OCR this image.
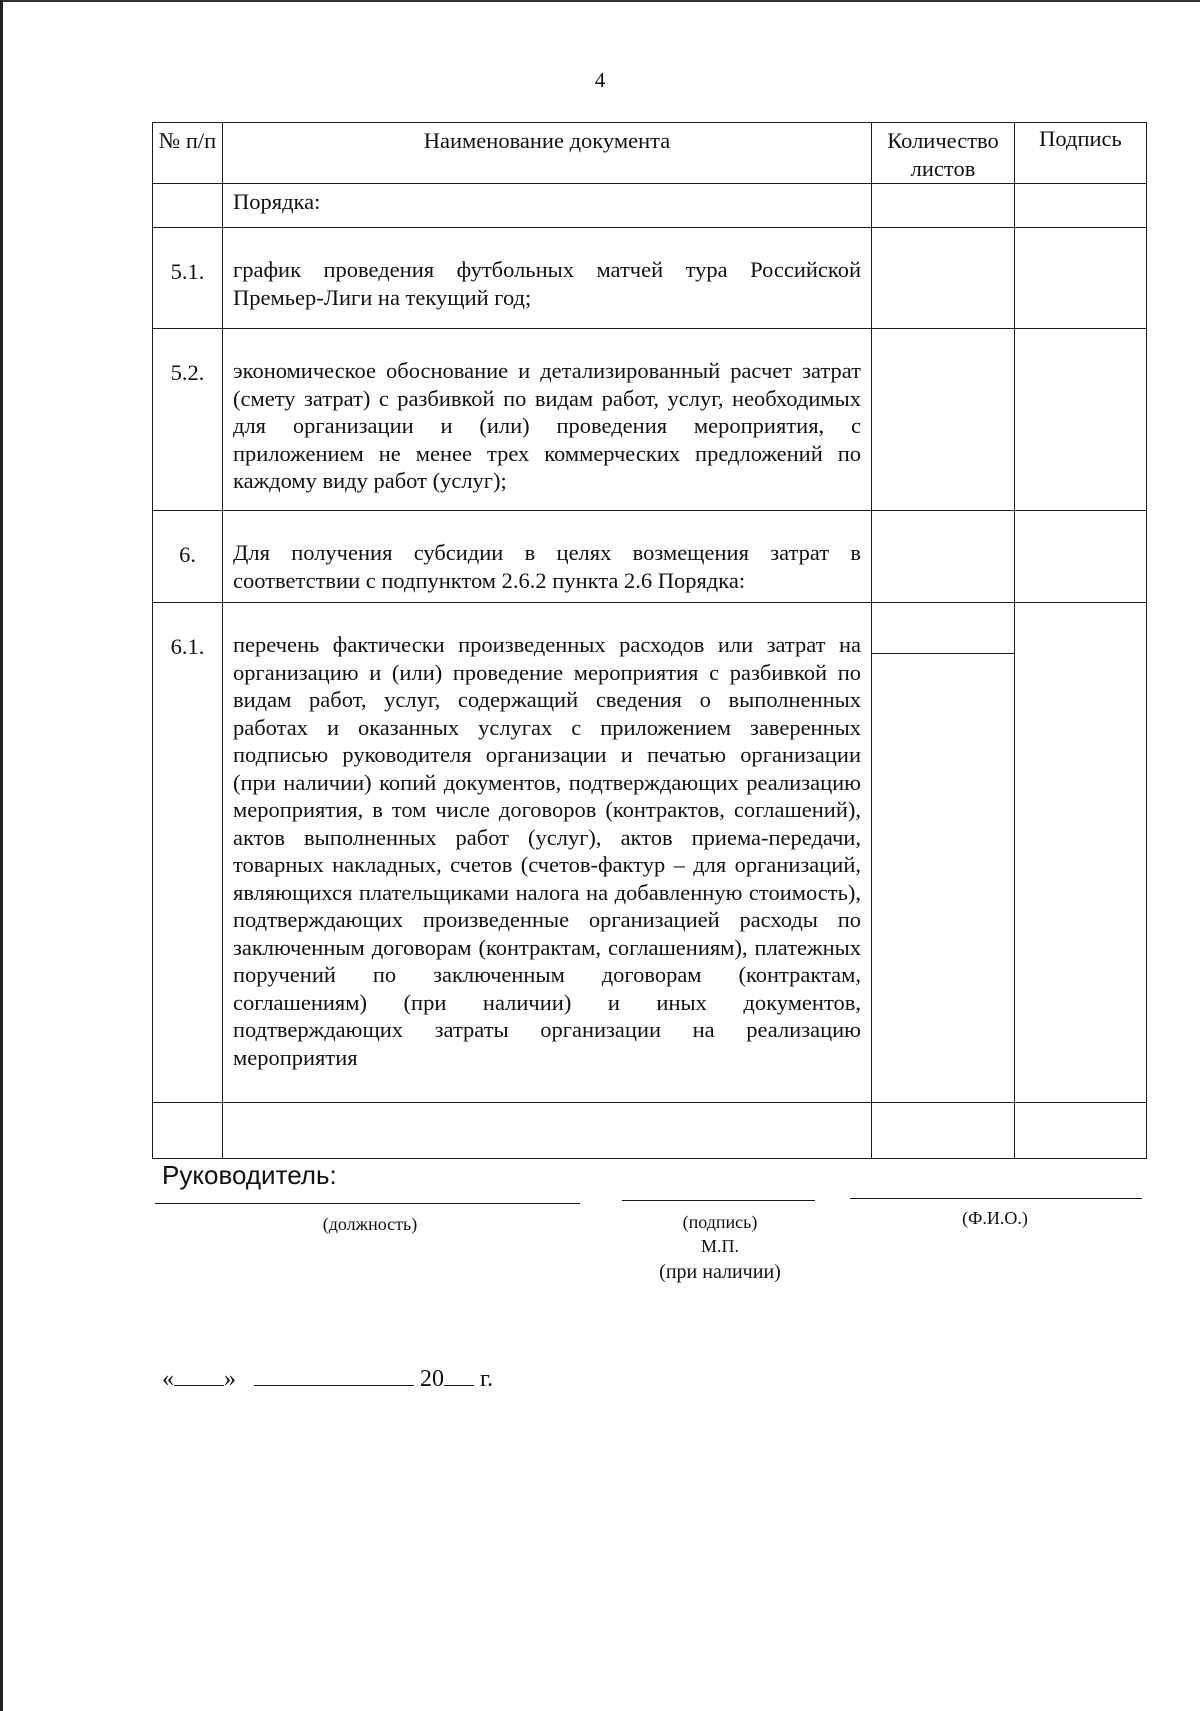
4
№ п/п	Наименование документа	Количество листов	Подпись
	Порядка:		
5.1.	график проведения футбольных матчей тура Российской Премьер-Лиги на текущий год;		
5.2.	экономическое обоснование и детализированный расчет затрат (смету затрат) с разбивкой по видам работ, услуг, необходимых для организации и (или) проведения мероприятия, с приложением не менее трех коммерческих предложений по каждому виду работ (услуг);		
6.	Для получения субсидии в целях возмещения затрат в соответствии с подпунктом 2.6.2 пункта 2.6 Порядка:		
6.1.	перечень фактически произведенных расходов или затрат на организацию и (или) проведение мероприятия с разбивкой по видам работ, услуг, содержащий сведения о выполненных работах и оказанных услугах с приложением заверенных подписью руководителя организации и печатью организации (при наличии) копий документов, подтверждающих реализацию мероприятия, в том числе договоров (контрактов, соглашений), актов выполненных работ (услуг), актов приема-передачи, товарных накладных, счетов (счетов-фактур – для организаций, являющихся плательщиками налога на добавленную стоимость), подтверждающих произведенные организацией расходы по заключенным договорам (контрактам, соглашениям), платежных поручений по заключенным договорам (контрактам, соглашениям) (при наличии) и иных документов, подтверждающих затраты организации на реализацию мероприятия	

Руководитель:
(должность)	(подпись)
М.П.
(при наличии)
(Ф.И.О.)
« »	20 г.
